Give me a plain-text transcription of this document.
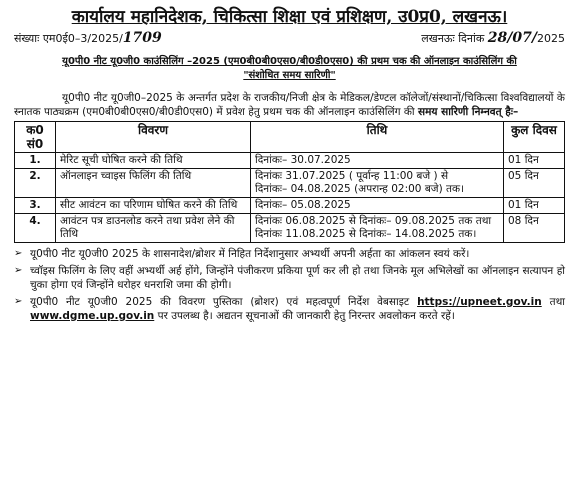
कार्यालय महानिदेशक, चिकित्सा शिक्षा एवं प्रशिक्षण, उ0प्र0, लखनऊ।
संख्याः एम0ई0–3/2025/1709	लखनऊः दिनांक 28/07/2025
यू0पी0 नीट यू0जी0 काउंसिलिंग –2025 (एम0बी0बी0एस0/बी0डी0एस0) की प्रथम चक की ऑनलाइन काउंसिलिंग की
"संशोधित समय सारिणी"
यू0पी0 नीट यू0जी0–2025 के अन्तर्गत प्रदेश के राजकीय/निजी क्षेत्र के मेडिकल/डेण्टल कॉलेजों/संस्थानों/चिकित्सा विश्वविद्यालयों के स्नातक पाठ्यक्रम (एम0बी0बी0एस0/बी0डी0एस0) में प्रवेश हेतु प्रथम चक की ऑनलाइन काउंसिलिंग की समय सारिणी निम्नवत् हैः–
क0 सं0	विवरण	तिथि	कुल दिवस
1.	मेरिट सूची घोषित करने की तिथि	दिनांकः– 30.07.2025	01 दिन
2.	ऑनलाइन च्वाइस फिलिंग की तिथि	दिनांकः 31.07.2025 ( पूर्वान्ह 11:00 बजे ) से
दिनांकः– 04.08.2025 (अपरान्ह 02:00 बजे) तक।	05 दिन
3.	सीट आवंटन का परिणाम घोषित करने की तिथि	दिनांकः– 05.08.2025	01 दिन
4.	आवंटन पत्र डाउनलोड करने तथा प्रवेश लेने की तिथि	दिनांकः 06.08.2025 से दिनांकः– 09.08.2025 तक तथा
दिनांकः 11.08.2025 से दिनांकः– 14.08.2025 तक।	08 दिन
➢ यू0पी0 नीट यू0जी0 2025 के शासनादेश/ब्रोशर में निहित निर्देशानुसार अभ्यर्थी अपनी अर्हता का आंकलन स्वयं करें।
➢ च्वॉइस फिलिंग के लिए वहीं अभ्यर्थी अर्ह होंगे, जिन्होंने पंजीकरण प्रकिया पूर्ण कर ली हो तथा जिनके मूल अभिलेखों का ऑनलाइन सत्यापन हो चुका होगा एवं जिन्होंने धरोहर धनराशि जमा की होगी।
➢ यू0पी0 नीट यू0जी0 2025 की विवरण पुस्तिका (ब्रोशर) एवं महत्वपूर्ण निर्देश वेबसाइट https://upneet.gov.in तथा www.dgme.up.gov.in पर उपलब्ध है। अद्यतन सूचनाओं की जानकारी हेतु निरन्तर अवलोकन करते रहें।
